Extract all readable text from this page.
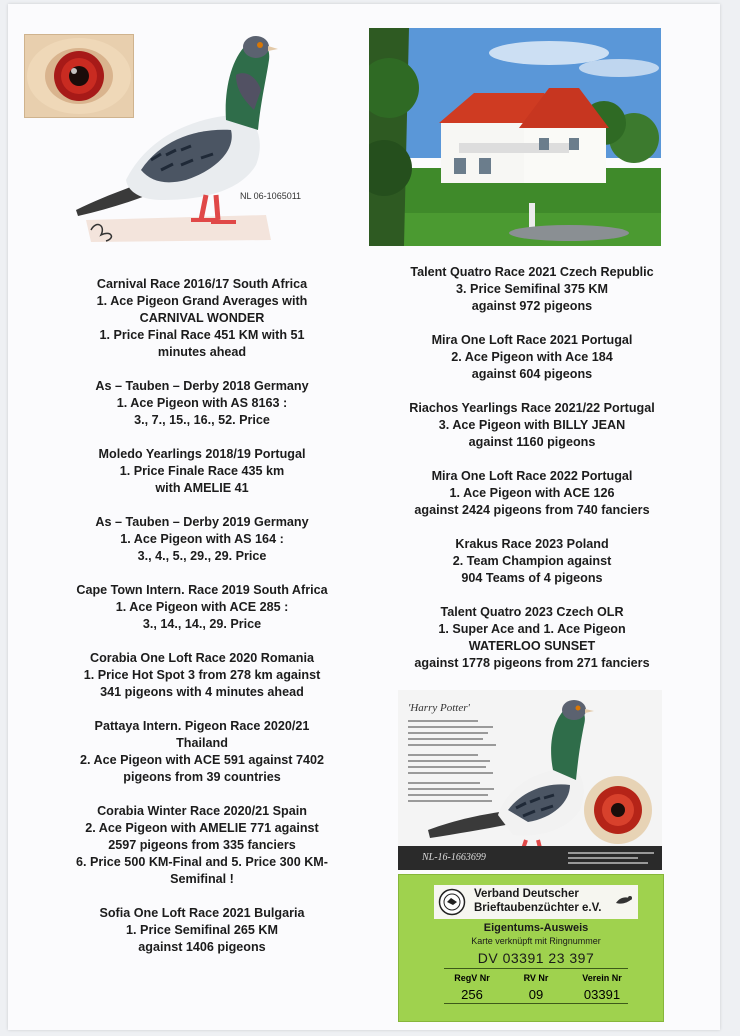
NL 06-1065011
Carnival Race 2016/17 South Africa
1. Ace Pigeon Grand Averages with
CARNIVAL WONDER
1. Price Final Race 451 KM with 51
minutes ahead
As – Tauben – Derby 2018 Germany
1. Ace Pigeon with AS 8163 :
3., 7., 15., 16., 52. Price
Moledo Yearlings 2018/19 Portugal
1. Price Finale Race 435 km
with AMELIE 41
As – Tauben – Derby 2019 Germany
1. Ace Pigeon with AS 164 :
3., 4., 5., 29., 29. Price
Cape Town Intern. Race 2019 South Africa
1. Ace Pigeon with ACE 285 :
3., 14., 14., 29. Price
Corabia One Loft Race 2020 Romania
1. Price Hot Spot 3 from 278 km against
341 pigeons with 4 minutes ahead
Pattaya Intern. Pigeon Race 2020/21
Thailand
2. Ace Pigeon with ACE 591 against 7402
pigeons from 39 countries
Corabia Winter Race 2020/21 Spain
2. Ace Pigeon with AMELIE 771 against
2597 pigeons from 335 fanciers
6. Price 500 KM-Final and 5. Price 300 KM-
Semifinal !
Sofia One Loft Race 2021 Bulgaria
1. Price Semifinal 265 KM
against 1406 pigeons
Talent Quatro Race 2021 Czech Republic
3. Price Semifinal 375 KM
against 972 pigeons
Mira One Loft Race 2021 Portugal
2. Ace Pigeon with Ace 184
against 604 pigeons
Riachos Yearlings Race 2021/22 Portugal
3. Ace Pigeon with BILLY JEAN
against 1160 pigeons
Mira One Loft Race 2022 Portugal
1. Ace Pigeon with ACE 126
against 2424 pigeons from 740 fanciers
Krakus Race 2023 Poland
2. Team Champion against
904 Teams of 4 pigeons
Talent Quatro 2023 Czech OLR
1. Super Ace and 1. Ace Pigeon
WATERLOO SUNSET
against 1778 pigeons from 271 fanciers
'Harry Potter'
NL-16-1663699
Verband Deutscher
Brieftaubenzüchter e.V.
Eigentums-Ausweis
Karte verknüpft mit Ringnummer
DV 03391 23 397
RegV Nr	RV Nr	Verein Nr
256	09	03391
